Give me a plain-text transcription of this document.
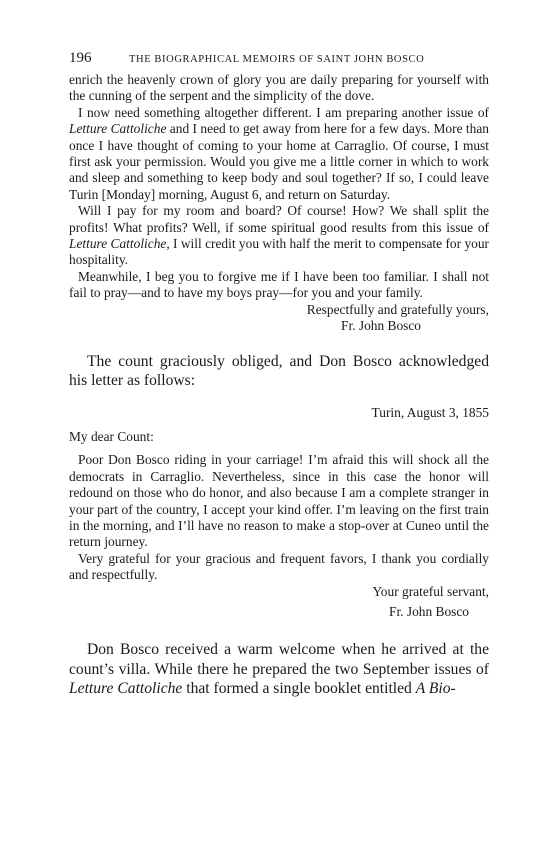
196	THE BIOGRAPHICAL MEMOIRS OF SAINT JOHN BOSCO

enrich the heavenly crown of glory you are daily preparing for yourself with the cunning of the serpent and the simplicity of the dove.

I now need something altogether different. I am preparing another issue of Letture Cattoliche and I need to get away from here for a few days. More than once I have thought of coming to your home at Carraglio. Of course, I must first ask your permission. Would you give me a little corner in which to work and sleep and something to keep body and soul together? If so, I could leave Turin [Monday] morning, August 6, and return on Saturday.

Will I pay for my room and board? Of course! How? We shall split the profits! What profits? Well, if some spiritual good results from this issue of Letture Cattoliche, I will credit you with half the merit to compensate for your hospitality.

Meanwhile, I beg you to forgive me if I have been too familiar. I shall not fail to pray—and to have my boys pray—for you and your family.

Respectfully and gratefully yours,
Fr. John Bosco

The count graciously obliged, and Don Bosco acknowledged his letter as follows:

Turin, August 3, 1855

My dear Count:

Poor Don Bosco riding in your carriage! I’m afraid this will shock all the democrats in Carraglio. Nevertheless, since in this case the honor will redound on those who do honor, and also because I am a complete stranger in your part of the country, I accept your kind offer. I’m leaving on the first train in the morning, and I’ll have no reason to make a stop-over at Cuneo until the return journey.

Very grateful for your gracious and frequent favors, I thank you cordially and respectfully.

Your grateful servant,
Fr. John Bosco

Don Bosco received a warm welcome when he arrived at the count’s villa. While there he prepared the two September issues of Letture Cattoliche that formed a single booklet entitled A Bio-
